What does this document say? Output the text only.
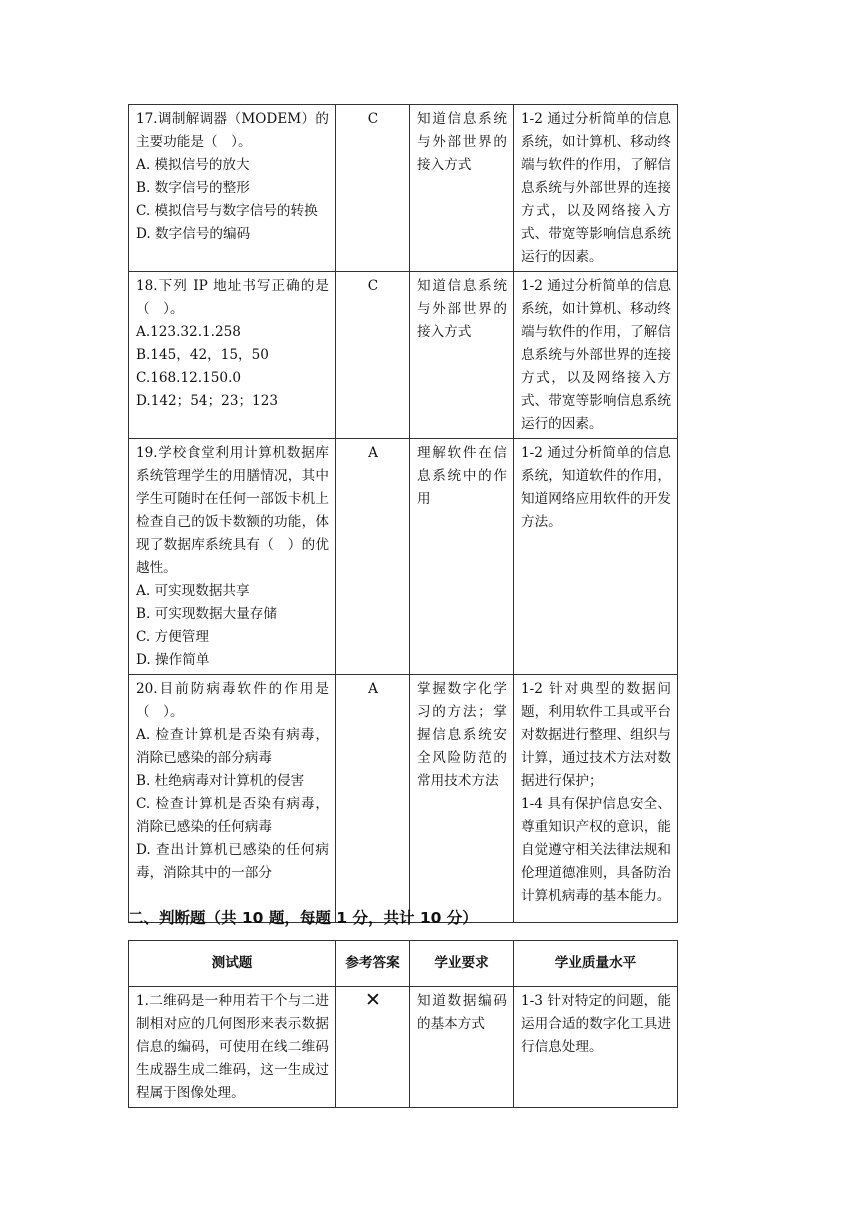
17.调制解调器（MODEM）的主要功能是（　）。
A. 模拟信号的放大
B. 数字信号的整形
C. 模拟信号与数字信号的转换
D. 数字信号的编码	C	知道信息系统与外部世界的接入方式	1-2 通过分析简单的信息系统，如计算机、移动终端与软件的作用，了解信息系统与外部世界的连接方式，以及网络接入方式、带宽等影响信息系统运行的因素。

18.下列 IP 地址书写正确的是（　）。
A.123.32.1.258
B.145，42，15，50
C.168.12.150.0
D.142；54；23；123	C	知道信息系统与外部世界的接入方式	1-2 通过分析简单的信息系统，如计算机、移动终端与软件的作用，了解信息系统与外部世界的连接方式，以及网络接入方式、带宽等影响信息系统运行的因素。

19.学校食堂利用计算机数据库系统管理学生的用膳情况，其中学生可随时在任何一部饭卡机上检查自己的饭卡数额的功能，体现了数据库系统具有（　）的优越性。
A. 可实现数据共享
B. 可实现数据大量存储
C. 方便管理
D. 操作简单	A	理解软件在信息系统中的作用	1-2 通过分析简单的信息系统，知道软件的作用，知道网络应用软件的开发方法。

20.目前防病毒软件的作用是（　）。
A. 检查计算机是否染有病毒，消除已感染的部分病毒
B. 杜绝病毒对计算机的侵害
C. 检查计算机是否染有病毒，消除已感染的任何病毒
D. 查出计算机已感染的任何病毒，消除其中的一部分	A	掌握数字化学习的方法；掌握信息系统安全风险防范的常用技术方法	1-2 针对典型的数据问题，利用软件工具或平台对数据进行整理、组织与计算，通过技术方法对数据进行保护；
1-4 具有保护信息安全、尊重知识产权的意识，能自觉遵守相关法律法规和伦理道德准则，具备防治计算机病毒的基本能力。
二、判断题（共 10 题，每题 1 分，共计 10 分）
测试题	参考答案	学业要求	学业质量水平

1.二维码是一种用若干个与二进制相对应的几何图形来表示数据信息的编码，可使用在线二维码生成器生成二维码，这一生成过程属于图像处理。	✕	知道数据编码的基本方式	1-3 针对特定的问题，能运用合适的数字化工具进行信息处理。
